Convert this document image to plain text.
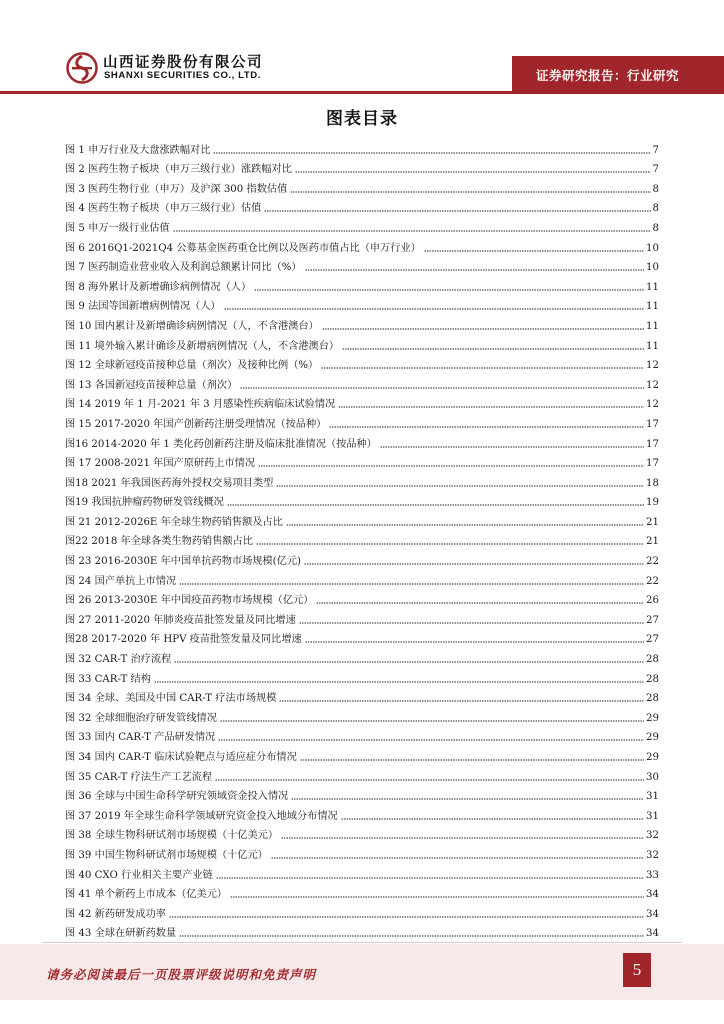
山西证券股份有限公司
SHANXI SECURITIES CO., LTD.	证券研究报告：行业研究
图表目录
图 1 申万行业及大盘涨跌幅对比	7
图 2 医药生物子板块（申万三级行业）涨跌幅对比	7
图 3 医药生物行业（申万）及沪深 300 指数估值	8
图 4 医药生物子板块（申万三级行业）估值	8
图 5 申万一级行业估值	8
图 6 2016Q1-2021Q4 公募基金医药重仓比例以及医药市值占比（申万行业）	10
图 7 医药制造业营业收入及利润总额累计同比（%）	10
图 8 海外累计及新增确诊病例情况（人）	11
图 9 法国等国新增病例情况（人）	11
图 10 国内累计及新增确诊病例情况（人，不含港澳台）	11
图 11 境外输入累计确诊及新增病例情况（人，不含港澳台）	11
图 12 全球新冠疫苗接种总量（剂次）及接种比例（%）	12
图 13 各国新冠疫苗接种总量（剂次）	12
图 14 2019 年 1 月-2021 年 3 月感染性疾病临床试验情况	12
图 15 2017-2020 年国产创新药注册受理情况（按品种）	17
图16 2014-2020 年 1 类化药创新药注册及临床批准情况（按品种）	17
图 17 2008-2021 年国产原研药上市情况	17
图18 2021 年我国医药海外授权交易项目类型	18
图19 我国抗肿瘤药物研发管线概况	19
图 21 2012-2026E 年全球生物药销售额及占比	21
图22 2018 年全球各类生物药销售额占比	21
图 23 2016-2030E 年中国单抗药物市场规模(亿元)	22
图 24 国产单抗上市情况	22
图 26 2013-2030E 年中国疫苗药物市场规模（亿元）	26
图 27 2011-2020 年肺炎疫苗批签发量及同比增速	27
图28 2017-2020 年 HPV 疫苗批签发量及同比增速	27
图 32 CAR-T 治疗流程	28
图 33 CAR-T 结构	28
图 34 全球、美国及中国 CAR-T 疗法市场规模	28
图 32 全球细胞治疗研发管线情况	29
图 33 国内 CAR-T 产品研发情况	29
图 34 国内 CAR-T 临床试验靶点与适应症分布情况	29
图 35 CAR-T 疗法生产工艺流程	30
图 36 全球与中国生命科学研究领域资金投入情况	31
图 37 2019 年全球生命科学领域研究资金投入地域分布情况	31
图 38 全球生物科研试剂市场规模（十亿美元）	32
图 39 中国生物科研试剂市场规模（十亿元）	32
图 40 CXO 行业相关主要产业链	33
图 41 单个新药上市成本（亿美元）	34
图 42 新药研发成功率	34
图 43 全球在研新药数量	34
请务必阅读最后一页股票评级说明和免责声明	5
